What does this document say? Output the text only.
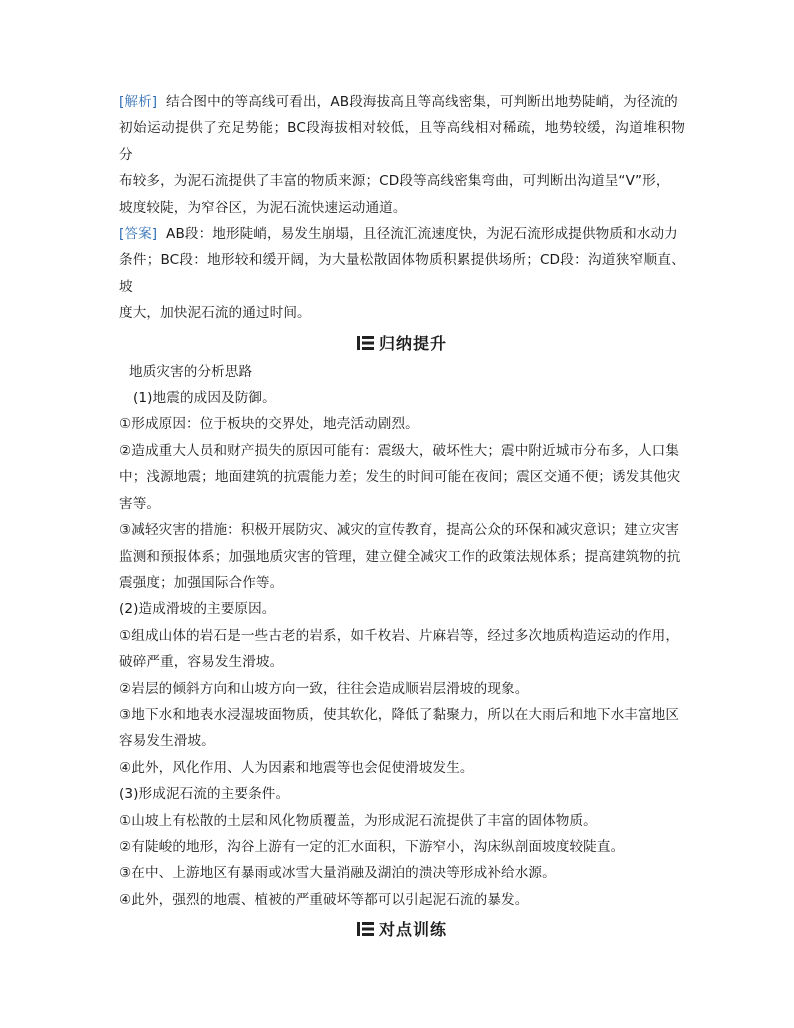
[解析] 结合图中的等高线可看出，AB段海拔高且等高线密集，可判断出地势陡峭，为径流的
初始运动提供了充足势能；BC段海拔相对较低，且等高线相对稀疏，地势较缓，沟道堆积物分
布较多，为泥石流提供了丰富的物质来源；CD段等高线密集弯曲，可判断出沟道呈“V”形，
坡度较陡，为窄谷区，为泥石流快速运动通道。

[答案] AB段：地形陡峭，易发生崩塌，且径流汇流速度快，为泥石流形成提供物质和水动力
条件；BC段：地形较和缓开阔，为大量松散固体物质积累提供场所；CD段：沟道狭窄顺直、坡
度大，加快泥石流的通过时间。

归纳提升

地质灾害的分析思路

(1)地震的成因及防御。

①形成原因：位于板块的交界处，地壳活动剧烈。

②造成重大人员和财产损失的原因可能有：震级大，破坏性大；震中附近城市分布多，人口集
中；浅源地震；地面建筑的抗震能力差；发生的时间可能在夜间；震区交通不便；诱发其他灾
害等。

③减轻灾害的措施：积极开展防灾、减灾的宣传教育，提高公众的环保和减灾意识；建立灾害
监测和预报体系；加强地质灾害的管理，建立健全减灾工作的政策法规体系；提高建筑物的抗
震强度；加强国际合作等。

(2)造成滑坡的主要原因。

①组成山体的岩石是一些古老的岩系，如千枚岩、片麻岩等，经过多次地质构造运动的作用，
破碎严重，容易发生滑坡。

②岩层的倾斜方向和山坡方向一致，往往会造成顺岩层滑坡的现象。

③地下水和地表水浸湿坡面物质，使其软化，降低了黏聚力，所以在大雨后和地下水丰富地区
容易发生滑坡。

④此外，风化作用、人为因素和地震等也会促使滑坡发生。

(3)形成泥石流的主要条件。

①山坡上有松散的土层和风化物质覆盖，为形成泥石流提供了丰富的固体物质。

②有陡峻的地形，沟谷上游有一定的汇水面积，下游窄小，沟床纵剖面坡度较陡直。

③在中、上游地区有暴雨或冰雪大量消融及湖泊的溃决等形成补给水源。

④此外，强烈的地震、植被的严重破坏等都可以引起泥石流的暴发。

对点训练
